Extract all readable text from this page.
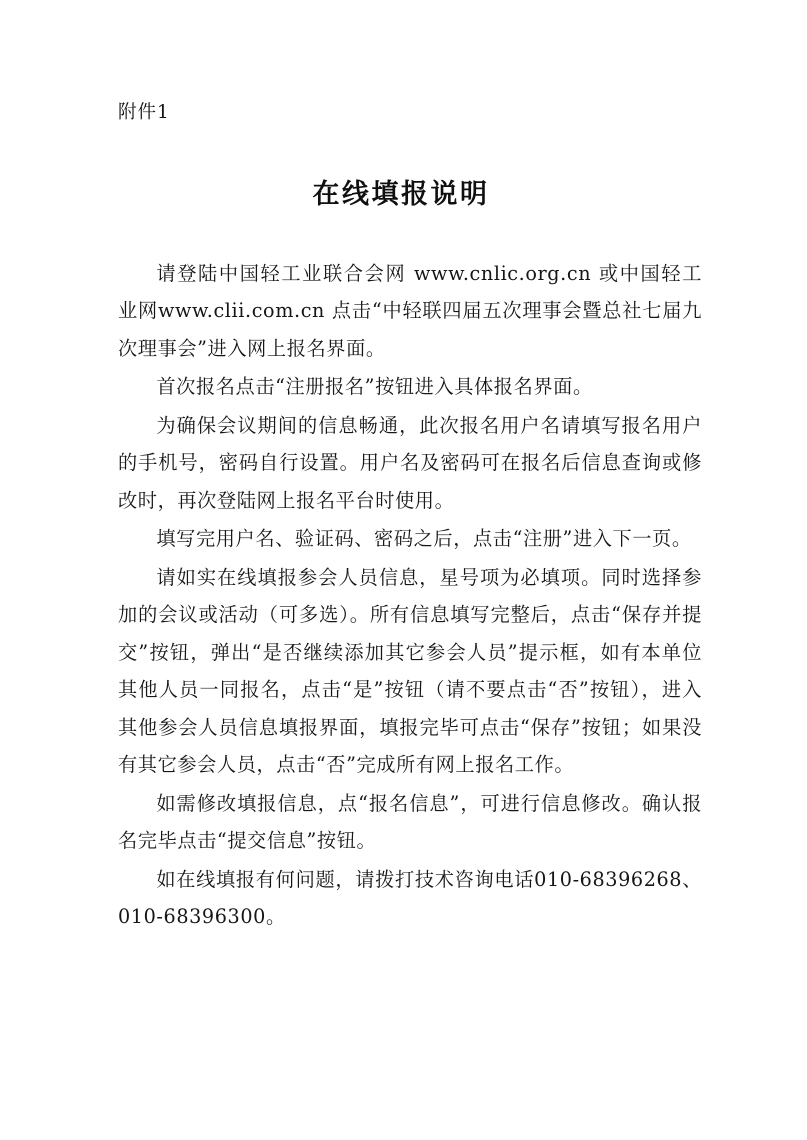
附件1
在线填报说明

请登陆中国轻工业联合会网 www.cnlic.org.cn 或中国轻工业网www.clii.com.cn 点击“中轻联四届五次理事会暨总社七届九次理事会”进入网上报名界面。

首次报名点击“注册报名”按钮进入具体报名界面。

为确保会议期间的信息畅通，此次报名用户名请填写报名用户的手机号，密码自行设置。用户名及密码可在报名后信息查询或修改时，再次登陆网上报名平台时使用。

填写完用户名、验证码、密码之后，点击“注册”进入下一页。

请如实在线填报参会人员信息，星号项为必填项。同时选择参加的会议或活动（可多选）。所有信息填写完整后，点击“保存并提交”按钮，弹出“是否继续添加其它参会人员”提示框，如有本单位其他人员一同报名，点击“是”按钮（请不要点击“否”按钮），进入其他参会人员信息填报界面，填报完毕可点击“保存”按钮；如果没有其它参会人员，点击“否”完成所有网上报名工作。

如需修改填报信息，点“报名信息”，可进行信息修改。确认报名完毕点击“提交信息”按钮。

如在线填报有何问题，请拨打技术咨询电话010-68396268、010-68396300。
